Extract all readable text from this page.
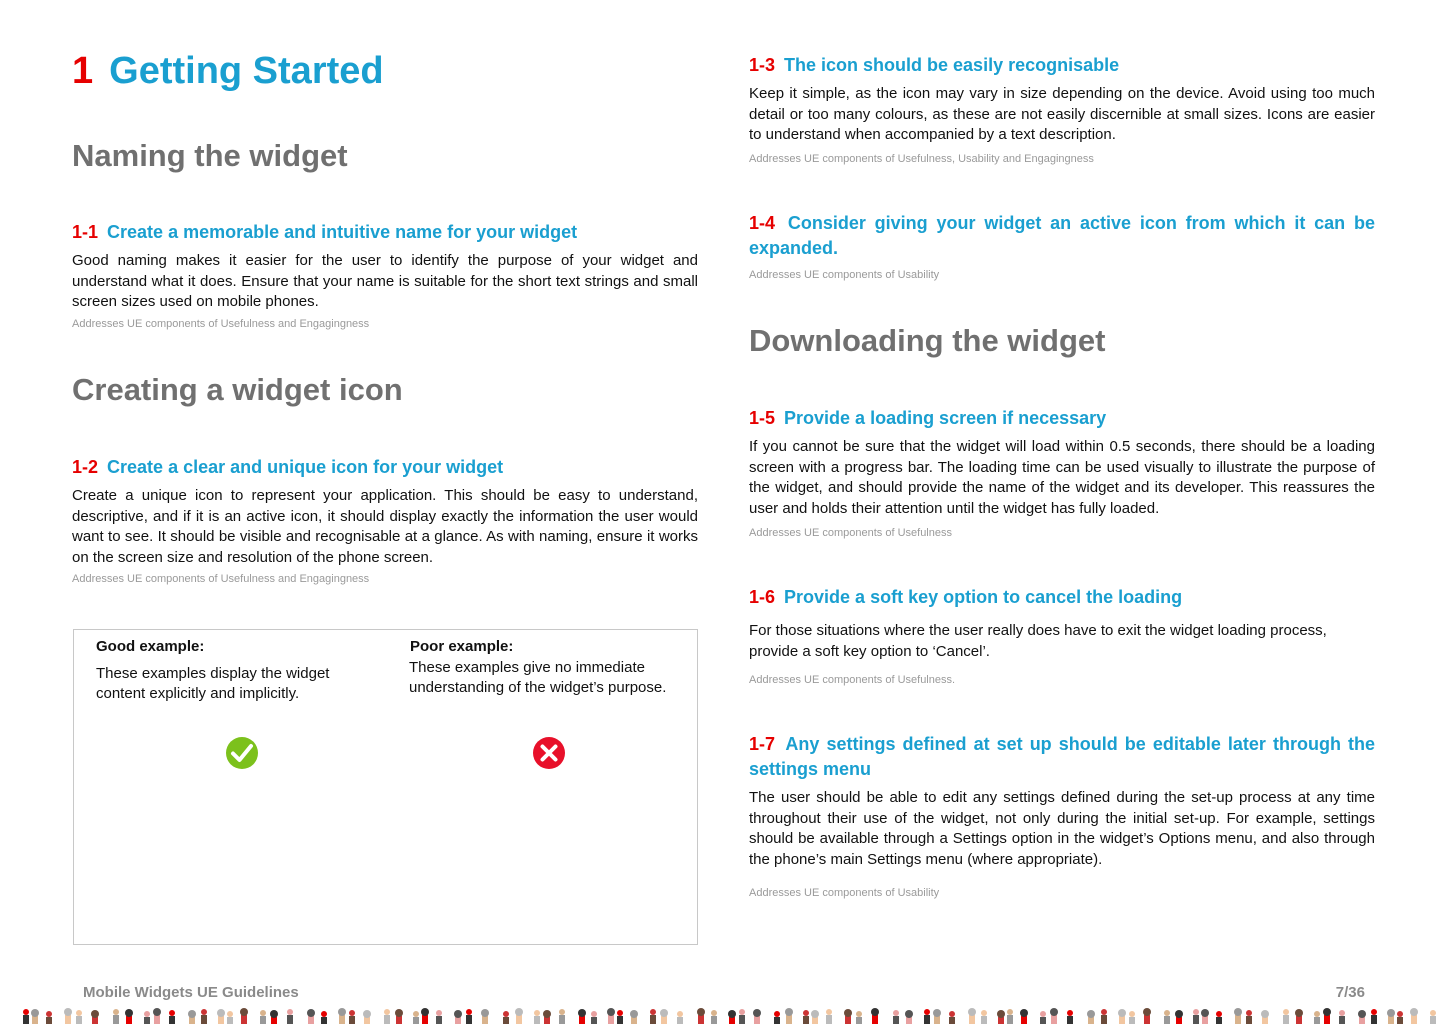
1 Getting Started
Naming the widget
1-1 Create a memorable and intuitive name for your widget
Good naming makes it easier for the user to identify the purpose of your widget and understand what it does. Ensure that your name is suitable for the short text strings and small screen sizes used on mobile phones.
Addresses UE components of Usefulness and Engagingness
Creating a widget icon
1-2 Create a clear and unique icon for your widget
Create a unique icon to represent your application. This should be easy to understand, descriptive, and if it is an active icon, it should display exactly the information the user would want to see. It should be visible and recognisable at a glance. As with naming, ensure it works on the screen size and resolution of the phone screen.
Addresses UE components of Usefulness and Engagingness
Good example:
These examples display the widget content explicitly and implicitly.
Poor example:
These examples give no immediate understanding of the widget’s purpose.
1-3 The icon should be easily recognisable
Keep it simple, as the icon may vary in size depending on the device. Avoid using too much detail or too many colours, as these are not easily discernible at small sizes. Icons are easier to understand when accompanied by a text description.
Addresses UE components of Usefulness, Usability and Engagingness
1-4 Consider giving your widget an active icon from which it can be expanded.
Addresses UE components of Usability
Downloading the widget
1-5 Provide a loading screen if necessary
If you cannot be sure that the widget will load within 0.5 seconds, there should be a loading screen with a progress bar. The loading time can be used visually to illustrate the purpose of the widget, and should provide the name of the widget and its developer. This reassures the user and holds their attention until the widget has fully loaded.
Addresses UE components of Usefulness
1-6 Provide a soft key option to cancel the loading
For those situations where the user really does have to exit the widget loading process, provide a soft key option to ‘Cancel’.
Addresses UE components of Usefulness.
1-7 Any settings defined at set up should be editable later through the settings menu
The user should be able to edit any settings defined during the set-up process at any time throughout their use of the widget, not only during the initial set-up. For example, settings should be available through a Settings option in the widget’s Options menu, and also through the phone’s main Settings menu (where appropriate).
Addresses UE components of Usability
Mobile Widgets UE Guidelines	7/36
